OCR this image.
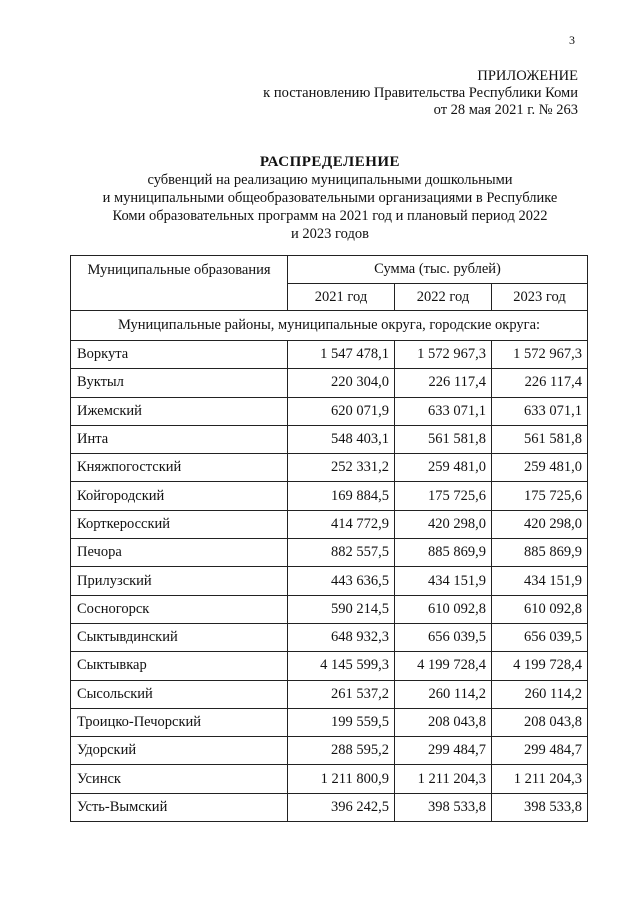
3
ПРИЛОЖЕНИЕ
к постановлению Правительства Республики Коми
от 28 мая 2021 г. № 263
РАСПРЕДЕЛЕНИЕ
субвенций на реализацию муниципальными дошкольными
и муниципальными общеобразовательными организациями в Республике
Коми образовательных программ на 2021 год и плановый период 2022
и 2023 годов
Муниципальные образования	Сумма (тыс. рублей)		
	2021 год	2022 год	2023 год
Муниципальные районы, муниципальные округа, городские округа:			
Воркута	1 547 478,1	1 572 967,3	1 572 967,3
Вуктыл	220 304,0	226 117,4	226 117,4
Ижемский	620 071,9	633 071,1	633 071,1
Инта	548 403,1	561 581,8	561 581,8
Княжпогостский	252 331,2	259 481,0	259 481,0
Койгородский	169 884,5	175 725,6	175 725,6
Корткеросский	414 772,9	420 298,0	420 298,0
Печора	882 557,5	885 869,9	885 869,9
Прилузский	443 636,5	434 151,9	434 151,9
Сосногорск	590 214,5	610 092,8	610 092,8
Сыктывдинский	648 932,3	656 039,5	656 039,5
Сыктывкар	4 145 599,3	4 199 728,4	4 199 728,4
Сысольский	261 537,2	260 114,2	260 114,2
Троицко-Печорский	199 559,5	208 043,8	208 043,8
Удорский	288 595,2	299 484,7	299 484,7
Усинск	1 211 800,9	1 211 204,3	1 211 204,3
Усть-Вымский	396 242,5	398 533,8	398 533,8
